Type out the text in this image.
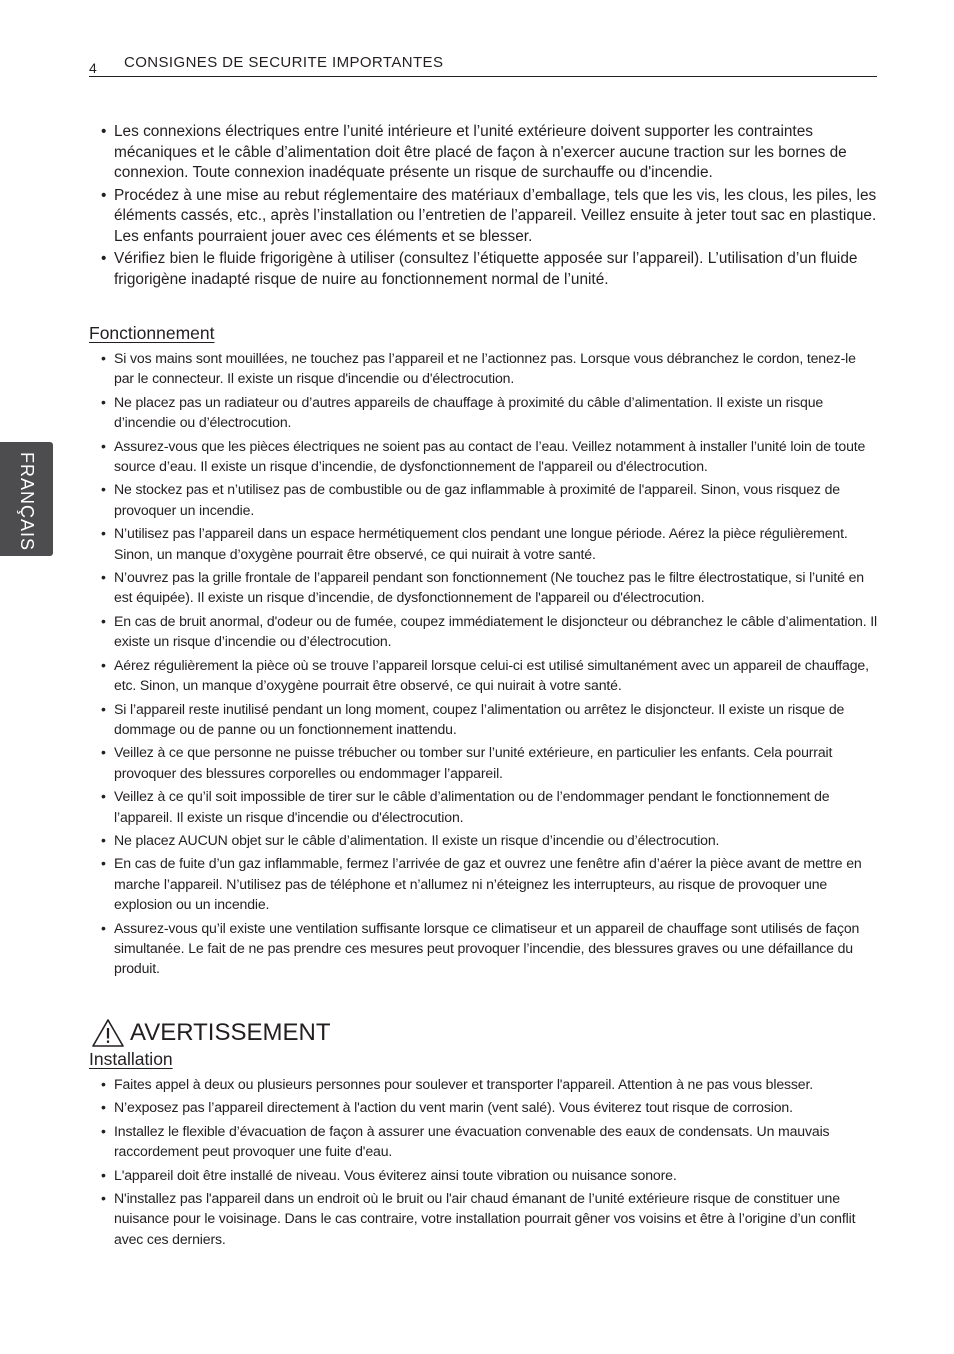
4 CONSIGNES DE SECURITE IMPORTANTES
FRANÇAIS
• Les connexions électriques entre l’unité intérieure et l’unité extérieure doivent supporter les contraintes mécaniques et le câble d’alimentation doit être placé de façon à n'exercer aucune traction sur les bornes de connexion. Toute connexion inadéquate présente un risque de surchauffe ou d'incendie.
• Procédez à une mise au rebut réglementaire des matériaux d’emballage, tels que les vis, les clous, les piles, les éléments cassés, etc., après l’installation ou l’entretien de l’appareil. Veillez ensuite à jeter tout sac en plastique. Les enfants pourraient jouer avec ces éléments et se blesser.
• Vérifiez bien le fluide frigorigène à utiliser (consultez l’étiquette apposée sur l’appareil). L’utilisation d’un fluide frigorigène inadapté risque de nuire au fonctionnement normal de l’unité.
Fonctionnement
• Si vos mains sont mouillées, ne touchez pas l’appareil et ne l’actionnez pas. Lorsque vous débranchez le cordon, tenez-le par le connecteur. Il existe un risque d'incendie ou d'électrocution.
• Ne placez pas un radiateur ou d’autres appareils de chauffage à proximité du câble d’alimentation. Il existe un risque d’incendie ou d’électrocution.
• Assurez-vous que les pièces électriques ne soient pas au contact de l’eau. Veillez notamment à installer l’unité loin de toute source d’eau. Il existe un risque d’incendie, de dysfonctionnement de l'appareil ou d'électrocution.
• Ne stockez pas et n’utilisez pas de combustible ou de gaz inflammable à proximité de l'appareil. Sinon, vous risquez de provoquer un incendie.
• N’utilisez pas l’appareil dans un espace hermétiquement clos pendant une longue période. Aérez la pièce régulièrement. Sinon, un manque d’oxygène pourrait être observé, ce qui nuirait à votre santé.
• N’ouvrez pas la grille frontale de l’appareil pendant son fonctionnement (Ne touchez pas le filtre électrostatique, si l’unité en est équipée). Il existe un risque d’incendie, de dysfonctionnement de l'appareil ou d'électrocution.
• En cas de bruit anormal, d'odeur ou de fumée, coupez immédiatement le disjoncteur ou débranchez le câble d’alimentation. Il existe un risque d’incendie ou d’électrocution.
• Aérez régulièrement la pièce où se trouve l’appareil lorsque celui-ci est utilisé simultanément avec un appareil de chauffage, etc. Sinon, un manque d’oxygène pourrait être observé, ce qui nuirait à votre santé.
• Si l’appareil reste inutilisé pendant un long moment, coupez l’alimentation ou arrêtez le disjoncteur. Il existe un risque de dommage ou de panne ou un fonctionnement inattendu.
• Veillez à ce que personne ne puisse trébucher ou tomber sur l’unité extérieure, en particulier les enfants. Cela pourrait provoquer des blessures corporelles ou endommager l’appareil.
• Veillez à ce qu’il soit impossible de tirer sur le câble d’alimentation ou de l’endommager pendant le fonctionnement de l’appareil. Il existe un risque d'incendie ou d'électrocution.
• Ne placez AUCUN objet sur le câble d’alimentation. Il existe un risque d’incendie ou d’électrocution.
• En cas de fuite d’un gaz inflammable, fermez l’arrivée de gaz et ouvrez une fenêtre afin d’aérer la pièce avant de mettre en marche l’appareil. N’utilisez pas de téléphone et n’allumez ni n’éteignez les interrupteurs, au risque de provoquer une explosion ou un incendie.
• Assurez-vous qu’il existe une ventilation suffisante lorsque ce climatiseur et un appareil de chauffage sont utilisés de façon simultanée. Le fait de ne pas prendre ces mesures peut provoquer l’incendie, des blessures graves ou une défaillance du produit.
AVERTISSEMENT
Installation
• Faites appel à deux ou plusieurs personnes pour soulever et transporter l'appareil. Attention à ne pas vous blesser.
• N’exposez pas l’appareil directement à l'action du vent marin (vent salé). Vous éviterez tout risque de corrosion.
• Installez le flexible d’évacuation de façon à assurer une évacuation convenable des eaux de condensats. Un mauvais raccordement peut provoquer une fuite d'eau.
• L'appareil doit être installé de niveau. Vous éviterez ainsi toute vibration ou nuisance sonore.
• N'installez pas l'appareil dans un endroit où le bruit ou l'air chaud émanant de l’unité extérieure risque de constituer une nuisance pour le voisinage. Dans le cas contraire, votre installation pourrait gêner vos voisins et être à l’origine d’un conflit avec ces derniers.
